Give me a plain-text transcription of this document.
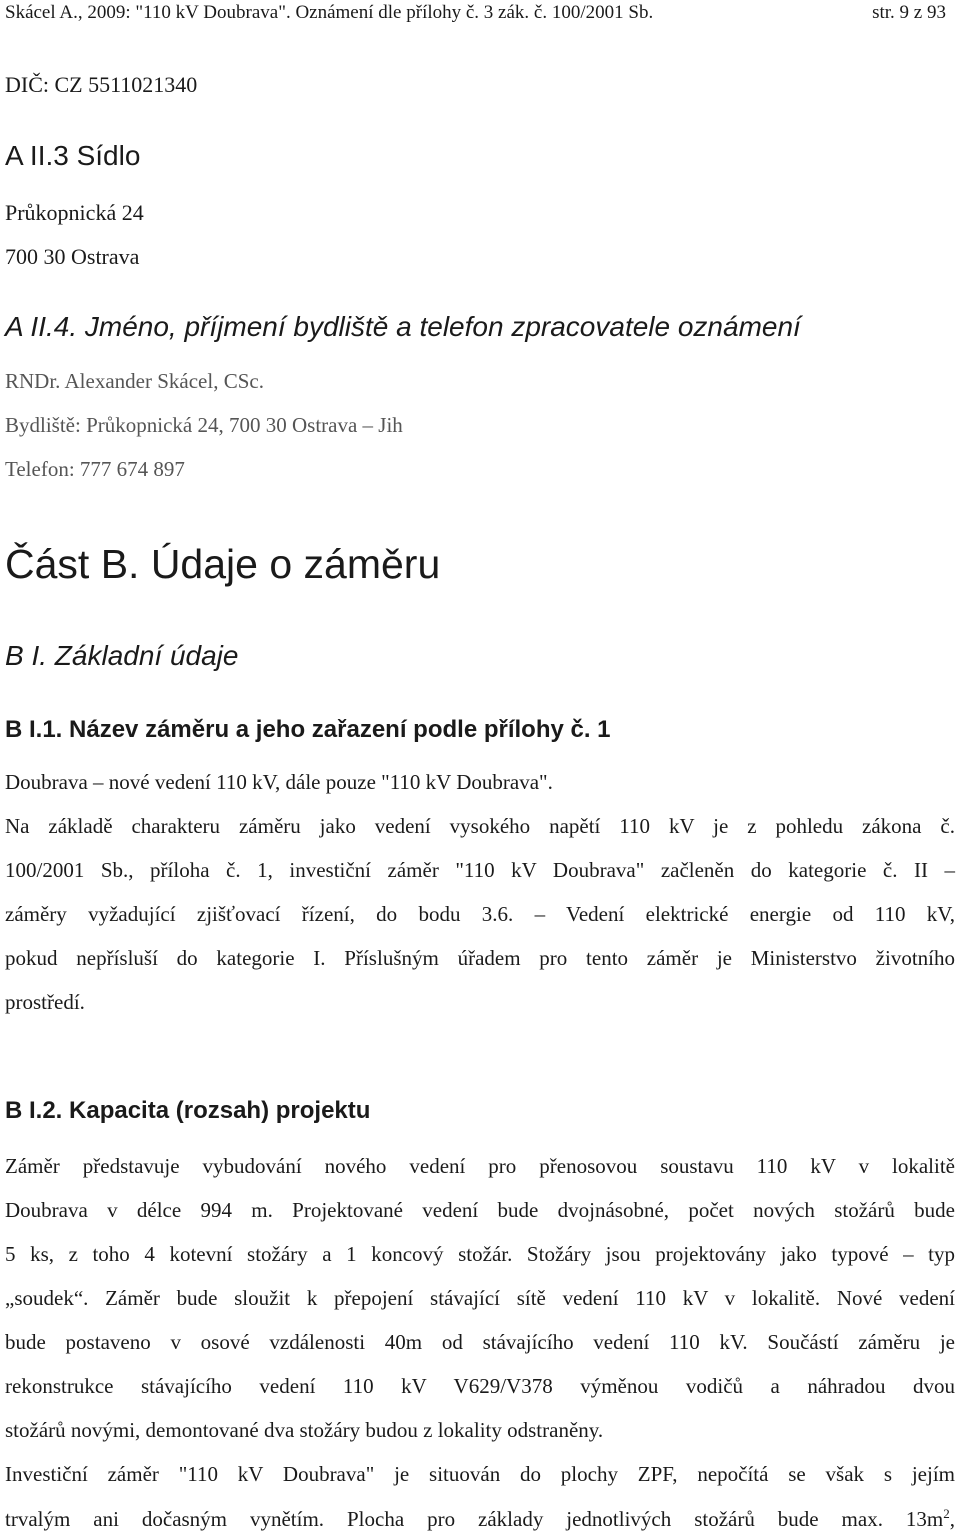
Skácel A., 2009: "110 kV Doubrava". Oznámení dle přílohy č. 3 zák. č. 100/2001 Sb.	str. 9 z 93
DIČ: CZ 5511021340
A II.3 Sídlo
Průkopnická 24
700 30 Ostrava
A II.4. Jméno, příjmení bydliště a telefon zpracovatele oznámení
RNDr. Alexander Skácel, CSc.
Bydliště: Průkopnická 24, 700 30 Ostrava – Jih
Telefon: 777 674 897
Část B. Údaje o záměru
B I. Základní údaje
B I.1. Název záměru a jeho zařazení podle přílohy č. 1
Doubrava – nové vedení 110 kV, dále pouze "110 kV Doubrava".
Na základě charakteru záměru jako vedení vysokého napětí 110 kV je z pohledu zákona č.
100/2001 Sb., příloha č. 1, investiční záměr "110 kV Doubrava" začleněn do kategorie č. II –
záměry vyžadující zjišťovací řízení, do bodu 3.6. – Vedení elektrické energie od 110 kV,
pokud nepřísluší do kategorie I. Příslušným úřadem pro tento záměr je Ministerstvo životního
prostředí.
B I.2. Kapacita (rozsah) projektu
Záměr představuje vybudování nového vedení pro přenosovou soustavu 110 kV v lokalitě
Doubrava v délce 994 m. Projektované vedení bude dvojnásobné, počet nových stožárů bude
5 ks, z toho 4 kotevní stožáry a 1 koncový stožár. Stožáry jsou projektovány jako typové – typ
„soudek“. Záměr bude sloužit k přepojení stávající sítě vedení 110 kV v lokalitě. Nové vedení
bude postaveno v osové vzdálenosti 40m od stávajícího vedení 110 kV. Součástí záměru je
rekonstrukce stávajícího vedení 110 kV V629/V378 výměnou vodičů a náhradou dvou
stožárů novými, demontované dva stožáry budou z lokality odstraněny.
Investiční záměr "110 kV Doubrava" je situován do plochy ZPF, nepočítá se však s jejím
trvalým ani dočasným vynětím. Plocha pro základy jednotlivých stožárů bude max. $13m^2$,
